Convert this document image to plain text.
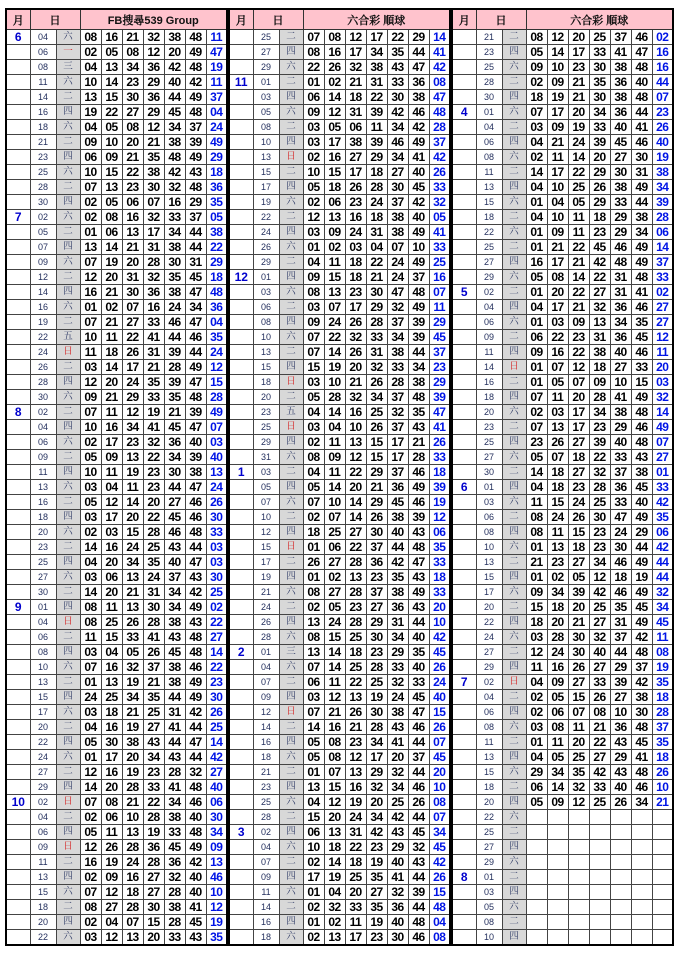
月	日		FB搜尋539 Group						
6	04	六	08	16	21	32	38	48	11
	06	一	02	05	08	12	20	49	47
	08	三	04	13	34	36	42	48	19
	11	六	10	14	23	29	40	42	11
	14	二	13	15	30	36	44	49	37
	16	四	19	22	27	29	45	48	04
	18	六	04	05	08	12	34	37	24
	21	二	09	10	20	21	38	39	49
	23	四	06	09	21	35	48	49	29
	25	六	10	15	22	38	42	43	18
	28	二	07	13	23	30	32	48	36
	30	四	02	05	06	07	16	29	35
7	02	六	02	08	16	32	33	37	05
	05	二	01	06	13	17	34	44	38
	07	四	13	14	21	31	38	44	22
	09	六	07	19	20	28	30	31	29
	12	二	12	20	31	32	35	45	18
	14	四	16	21	30	36	38	47	48
	16	六	01	02	07	16	24	34	36
	19	二	07	21	27	33	46	47	04
	22	五	10	11	22	41	44	46	35
	24	日	11	18	26	31	39	44	24
	26	二	03	14	17	21	28	49	12
	28	四	12	20	24	35	39	47	15
	30	六	09	21	29	33	35	48	28
8	02	二	07	11	12	19	21	39	49
	04	四	10	16	34	41	45	47	07
	06	六	02	17	23	32	36	40	03
	09	二	05	09	13	22	34	39	40
	11	四	10	11	19	23	30	38	13
	13	六	03	04	11	23	44	47	24
	16	二	05	12	14	20	27	46	26
	18	四	03	17	20	22	45	46	30
	20	六	02	03	15	28	46	48	33
	23	二	14	16	24	25	43	44	03
	25	四	04	20	34	35	40	47	03
	27	六	03	06	13	24	37	43	30
	30	二	14	20	21	31	34	42	25
9	01	四	08	11	13	30	34	49	02
	04	日	08	25	26	28	38	43	22
	06	二	11	15	33	41	43	48	27
	08	四	03	04	05	26	45	48	14
	10	六	07	16	32	37	38	46	22
	13	二	01	13	19	21	38	49	23
	15	四	24	25	34	35	44	49	30
	17	六	03	18	21	25	31	42	26
	20	二	04	16	19	27	41	44	25
	22	四	05	30	38	43	44	47	14
	24	六	01	17	20	34	43	44	42
	27	二	12	16	19	23	28	32	27
	29	四	14	20	28	33	41	48	40
10	02	日	07	08	21	22	34	46	06
	04	二	02	06	10	28	38	40	30
	06	四	05	11	13	19	33	48	34
	09	日	12	26	28	36	45	49	09
	11	二	16	19	24	28	36	42	13
	13	四	02	09	16	27	32	40	46
	15	六	07	12	18	27	28	40	10
	18	二	08	27	28	30	38	41	12
	20	四	02	04	07	15	28	45	19
	22	六	03	12	13	20	33	43	35
月	日		六合彩 順球						
	25	二	07	08	12	17	22	29	14
	27	四	08	16	17	34	35	44	41
	29	六	22	26	32	38	43	47	42
11	01	二	01	02	21	31	33	36	08
	03	四	06	14	18	22	30	38	47
	05	六	09	12	31	39	42	46	48
	08	二	03	05	06	11	34	42	28
	10	四	03	17	38	39	46	49	37
	13	日	02	16	27	29	34	41	42
	15	二	10	15	17	18	27	40	26
	17	四	05	18	26	28	30	45	33
	19	六	02	06	23	24	37	42	32
	22	二	12	13	16	18	38	40	05
	24	四	03	09	24	31	38	49	41
	26	六	01	02	03	04	07	10	33
	29	二	04	11	18	22	24	49	25
12	01	四	09	15	18	21	24	37	16
	03	六	08	13	23	30	47	48	07
	06	二	03	07	17	29	32	49	11
	08	四	09	24	26	28	37	39	29
	10	六	07	22	32	33	34	39	45
	13	二	07	14	26	31	38	44	37
	15	四	15	19	20	32	33	34	23
	18	日	03	10	21	26	28	38	29
	20	二	05	28	32	34	37	48	39
	23	五	04	14	16	25	32	35	47
	25	日	03	04	10	26	37	43	41
	29	四	02	11	13	15	17	21	26
	31	六	08	09	12	15	17	28	33
1	03	二	04	11	22	29	37	46	18
	05	四	05	14	20	21	36	49	39
	07	六	07	10	14	29	45	46	19
	10	二	02	07	14	26	38	39	12
	12	四	18	25	27	30	40	43	06
	15	日	01	06	22	37	44	48	35
	17	二	26	27	28	36	42	47	33
	19	四	01	02	13	23	35	43	18
	21	六	08	27	28	37	38	49	33
	24	二	02	05	23	27	36	43	20
	26	四	13	24	28	29	31	44	10
	28	六	08	15	25	30	34	40	42
2	01	三	13	14	18	23	29	35	45
	04	六	07	14	25	28	33	40	26
	07	二	06	11	22	25	32	33	24
	09	四	03	12	13	19	24	45	40
	12	日	07	21	26	30	38	47	15
	14	二	14	16	21	28	43	46	26
	16	四	05	08	23	34	41	44	07
	18	六	05	08	12	17	20	37	45
	21	二	01	07	13	29	32	44	20
	23	四	13	15	16	32	34	46	10
	25	六	04	12	19	20	25	26	08
	28	二	15	20	24	34	42	44	07
3	02	四	06	13	31	42	43	45	34
	04	六	10	18	22	23	29	32	45
	07	二	02	14	18	19	40	43	42
	09	四	17	19	25	35	41	44	26
	11	六	01	04	20	27	32	39	15
	14	二	02	32	33	35	36	44	48
	16	四	01	02	11	19	40	48	04
	18	六	02	13	17	23	30	46	08
月	日		六合彩 順球						
	21	二	08	12	20	25	37	46	02
	23	四	05	14	17	33	41	47	16
	25	六	09	10	23	30	38	48	16
	28	二	02	09	21	35	36	40	44
	30	四	18	19	21	30	38	48	07
4	01	六	07	17	20	34	36	44	23
	04	二	03	09	19	33	40	41	26
	06	四	04	21	24	39	45	46	40
	08	六	02	11	14	20	27	30	19
	11	二	14	17	22	29	30	31	38
	13	四	04	10	25	26	38	49	34
	15	六	01	04	05	29	33	44	39
	18	二	04	10	11	18	29	38	28
	22	六	01	09	11	23	29	34	06
	25	二	01	21	22	45	46	49	14
	27	四	16	17	21	42	48	49	37
	29	六	05	08	14	22	31	48	33
5	02	二	01	20	22	27	31	41	02
	04	四	04	17	21	32	36	46	27
	06	六	01	03	09	13	34	35	27
	09	二	06	22	23	31	36	45	12
	11	四	09	16	22	38	40	46	11
	14	日	01	07	12	18	27	33	20
	16	二	01	05	07	09	10	15	03
	18	四	07	11	20	28	41	49	32
	20	六	02	03	17	34	38	48	14
	23	二	07	13	17	23	29	46	49
	25	四	23	26	27	39	40	48	07
	27	六	05	07	18	22	33	43	27
	30	二	14	18	27	32	37	38	01
6	01	四	04	18	23	28	36	45	33
	03	六	11	15	24	25	33	40	42
	06	二	08	24	26	30	47	49	35
	08	四	08	11	15	23	24	29	06
	10	六	01	13	18	23	30	44	42
	13	二	21	23	27	34	46	49	44
	15	四	01	02	05	12	18	19	44
	17	六	09	34	39	42	46	49	32
	20	二	15	18	20	25	35	45	34
	22	四	18	20	21	27	31	49	45
	24	六	03	28	30	32	37	42	11
	27	二	12	24	30	40	44	48	08
	29	四	11	16	26	27	29	37	19
7	02	日	04	09	27	33	39	42	35
	04	二	02	05	15	26	27	38	18
	06	四	02	06	07	08	10	30	28
	08	六	03	08	11	21	36	48	37
	11	二	01	11	20	22	43	45	35
	13	四	04	05	25	27	29	41	18
	15	六	29	34	35	42	43	48	26
	18	二	06	14	32	33	40	46	10
	20	四	05	09	12	25	26	34	21
	22	六							
	25	二							
	27	四							
	29	六							
8	01	二							
	03	四							
	05	六							
	08	二							
	10	四							
